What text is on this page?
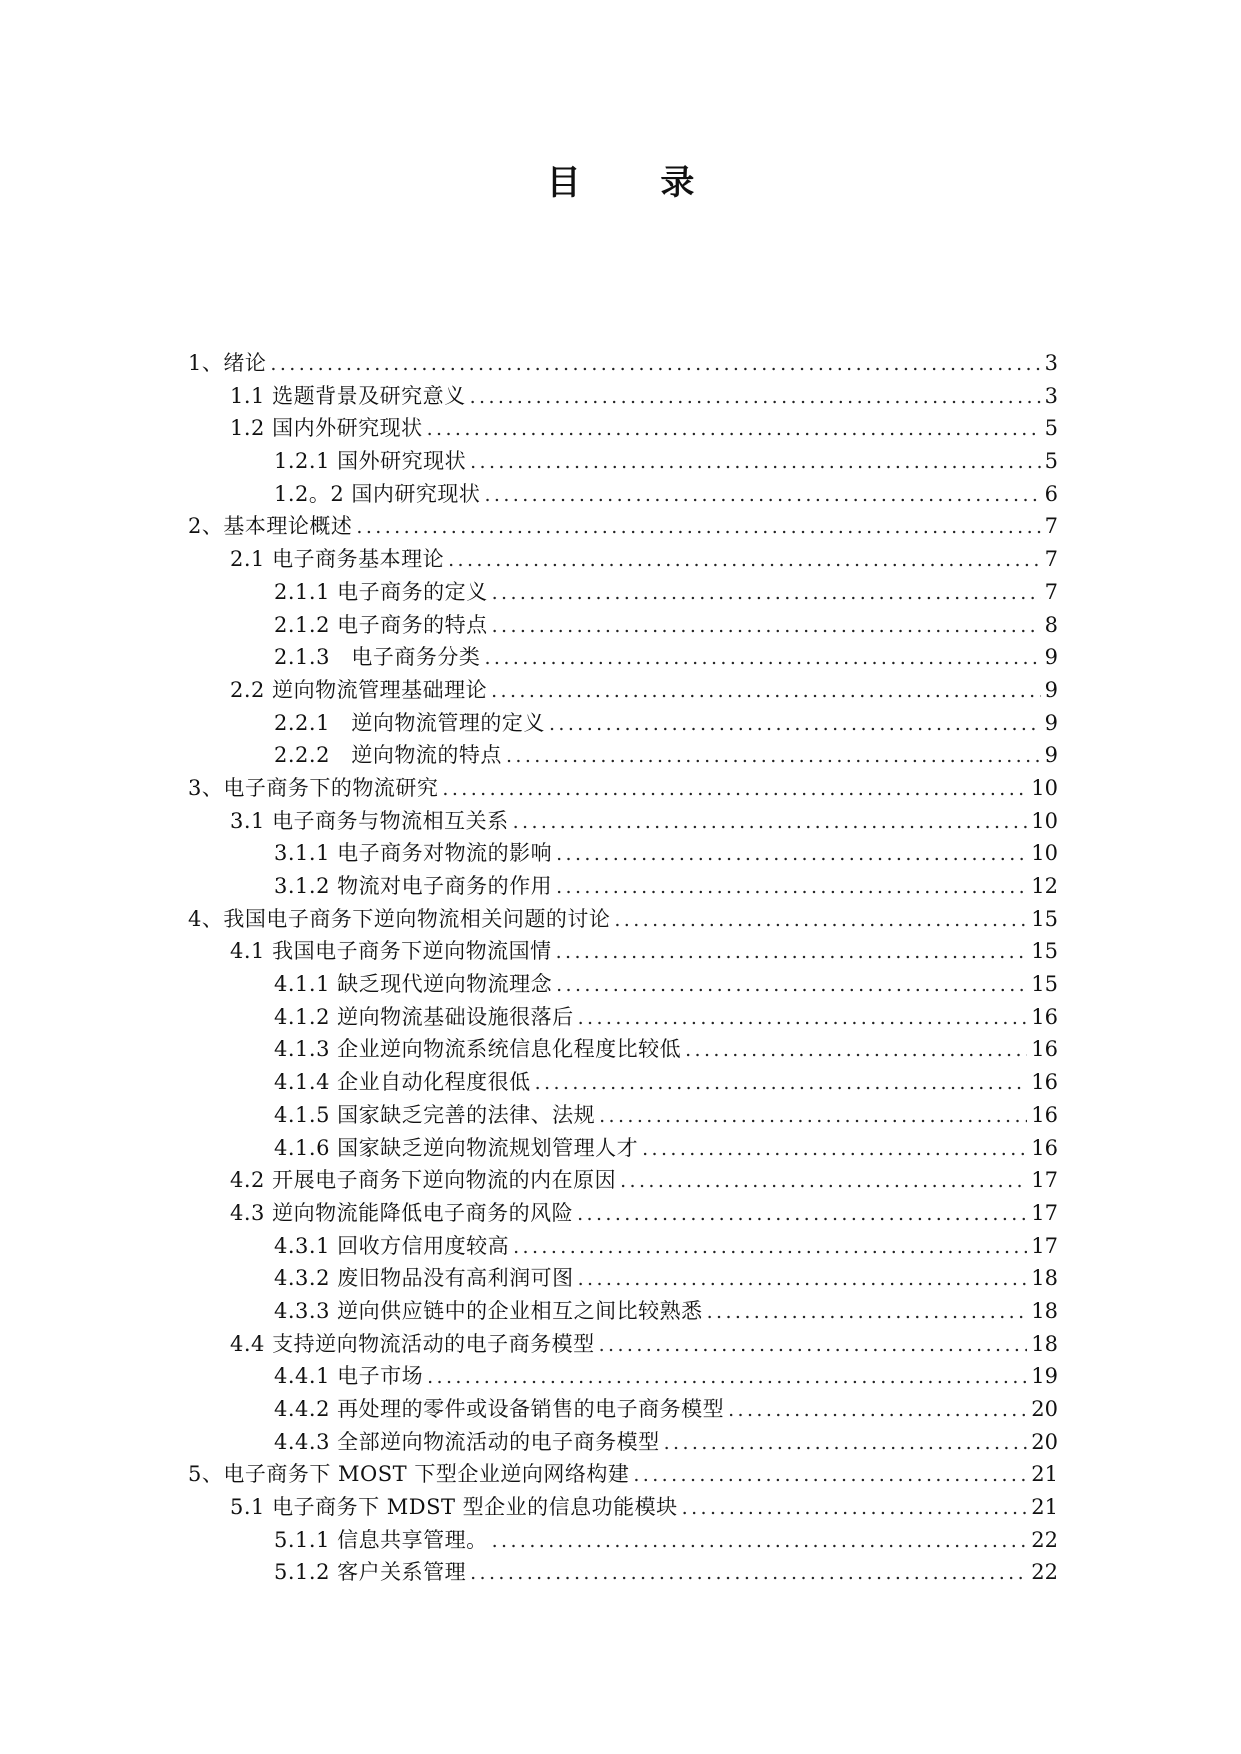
目 录
1、绪论 .....	3
1.1 选题背景及研究意义 .....	3
1.2 国内外研究现状 .....	5
1.2.1 国外研究现状 .....	5
1.2。2 国内研究现状 .....	6
2、基本理论概述 .....	7
2.1 电子商务基本理论 .....	7
2.1.1 电子商务的定义 .....	7
2.1.2 电子商务的特点 .....	8
2.1.3　电子商务分类 .....	9
2.2 逆向物流管理基础理论 .....	9
2.2.1　逆向物流管理的定义 .....	9
2.2.2　逆向物流的特点 .....	9
3、电子商务下的物流研究 .....	10
3.1 电子商务与物流相互关系 .....	10
3.1.1 电子商务对物流的影响 .....	10
3.1.2 物流对电子商务的作用 .....	12
4、我国电子商务下逆向物流相关问题的讨论 .....	15
4.1 我国电子商务下逆向物流国情 .....	15
4.1.1 缺乏现代逆向物流理念 .....	15
4.1.2 逆向物流基础设施很落后 .....	16
4.1.3 企业逆向物流系统信息化程度比较低 .....	16
4.1.4 企业自动化程度很低 .....	16
4.1.5 国家缺乏完善的法律、法规 .....	16
4.1.6 国家缺乏逆向物流规划管理人才 .....	16
4.2 开展电子商务下逆向物流的内在原因 .....	17
4.3 逆向物流能降低电子商务的风险 .....	17
4.3.1 回收方信用度较高 .....	17
4.3.2 废旧物品没有高利润可图 .....	18
4.3.3 逆向供应链中的企业相互之间比较熟悉 .....	18
4.4 支持逆向物流活动的电子商务模型 .....	18
4.4.1 电子市场 .....	19
4.4.2 再处理的零件或设备销售的电子商务模型 .....	20
4.4.3 全部逆向物流活动的电子商务模型 .....	20
5、电子商务下 MOST 下型企业逆向网络构建 .....	21
5.1 电子商务下 MDST 型企业的信息功能模块 .....	21
5.1.1 信息共享管理。 .....	22
5.1.2 客户关系管理 .....	22
